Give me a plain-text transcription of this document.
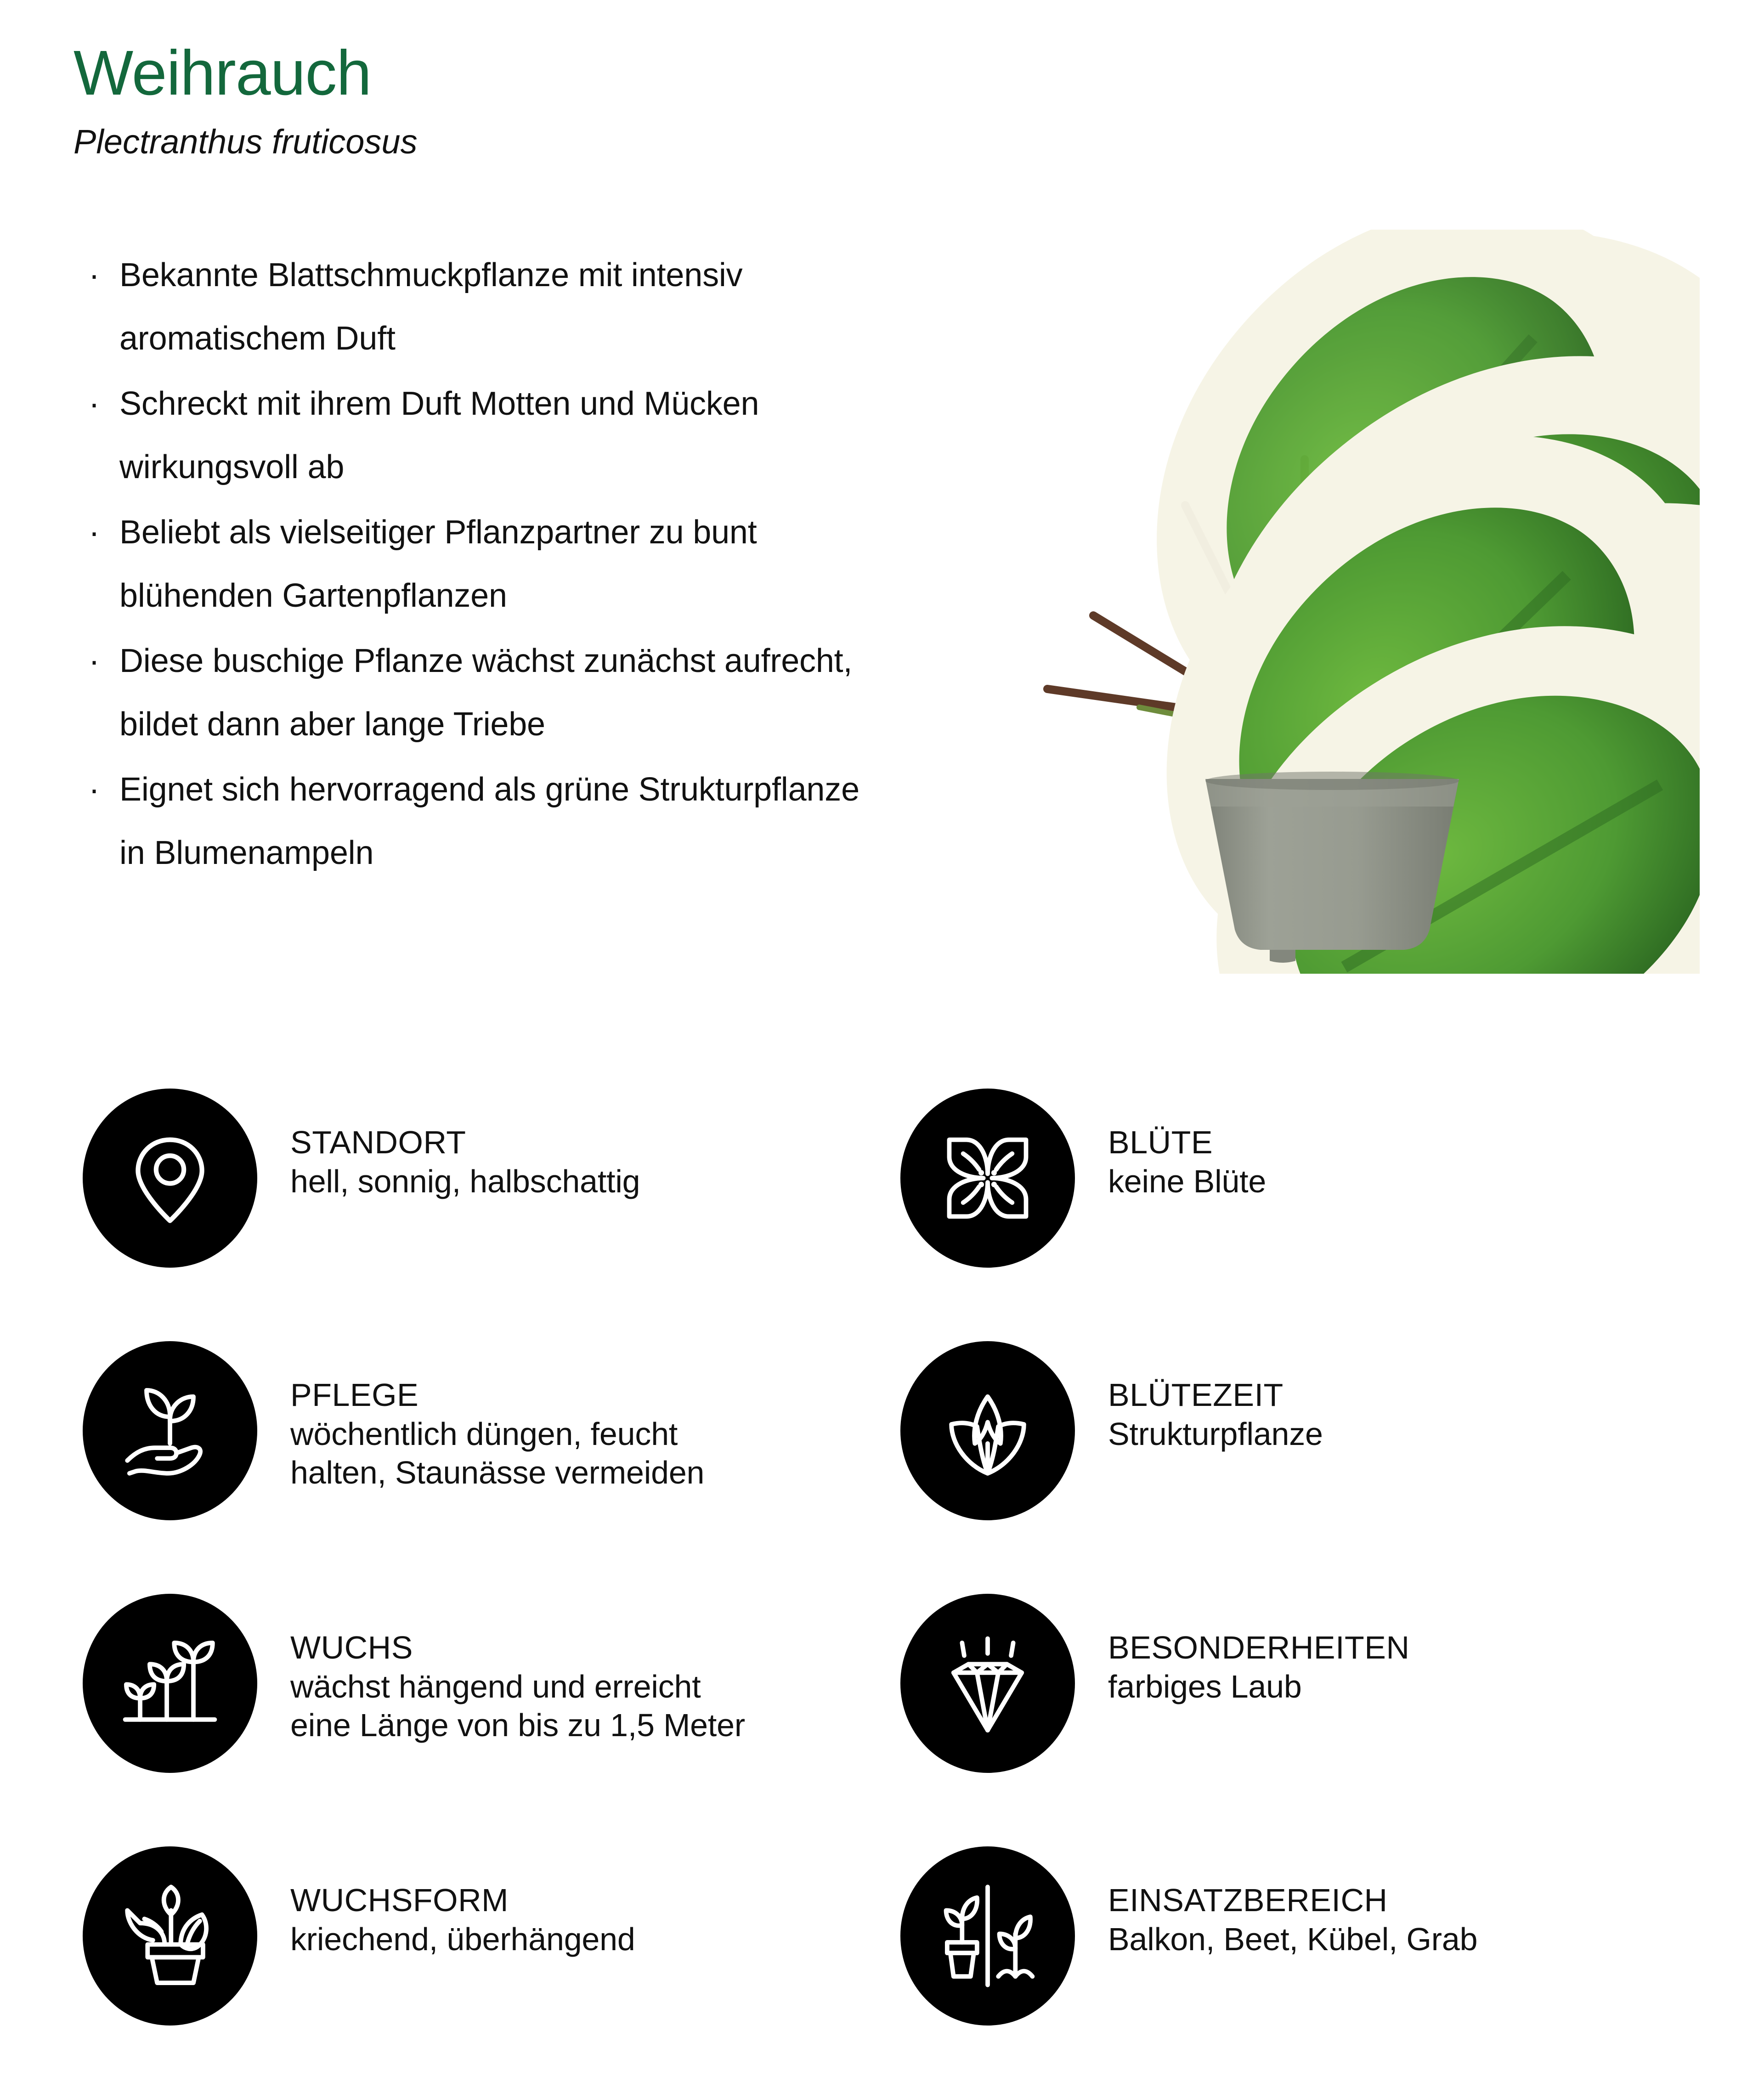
Weihrauch
Plectranthus fruticosus
· Bekannte Blattschmuckpflanze mit intensiv aromatischem Duft
· Schreckt mit ihrem Duft Motten und Mücken wirkungsvoll ab
· Beliebt als vielseitiger Pflanzpartner zu bunt blühenden Gartenpflanzen
· Diese buschige Pflanze wächst zunächst aufrecht, bildet dann aber lange Triebe
· Eignet sich hervorragend als grüne Strukturpflanze in Blumenampeln
STANDORT
hell, sonnig, halbschattig
BLÜTE
keine Blüte
PFLEGE
wöchentlich düngen, feucht
halten, Staunässe vermeiden
BLÜTEZEIT
Strukturpflanze
WUCHS
wächst hängend und erreicht
eine Länge von bis zu 1,5 Meter
BESONDERHEITEN
farbiges Laub
WUCHSFORM
kriechend, überhängend
EINSATZBEREICH
Balkon, Beet, Kübel, Grab
